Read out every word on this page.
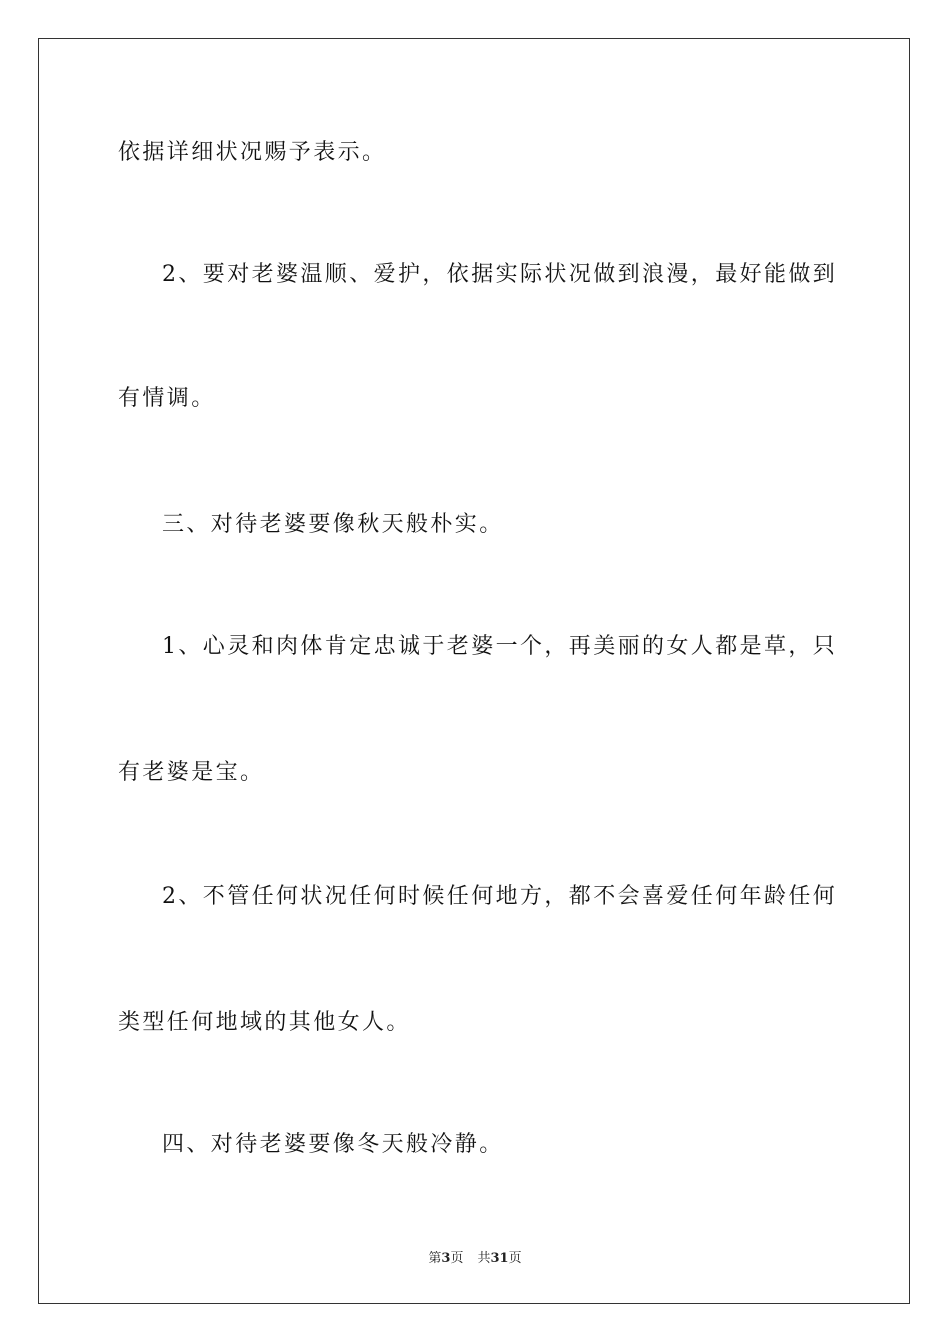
依据详细状况赐予表示。
2、要对老婆温顺、爱护，依据实际状况做到浪漫，最好能做到
有情调。
三、对待老婆要像秋天般朴实。
1、心灵和肉体肯定忠诚于老婆一个，再美丽的女人都是草，只
有老婆是宝。
2、不管任何状况任何时候任何地方，都不会喜爱任何年龄任何
类型任何地域的其他女人。
四、对待老婆要像冬天般冷静。
第3页 共31页
